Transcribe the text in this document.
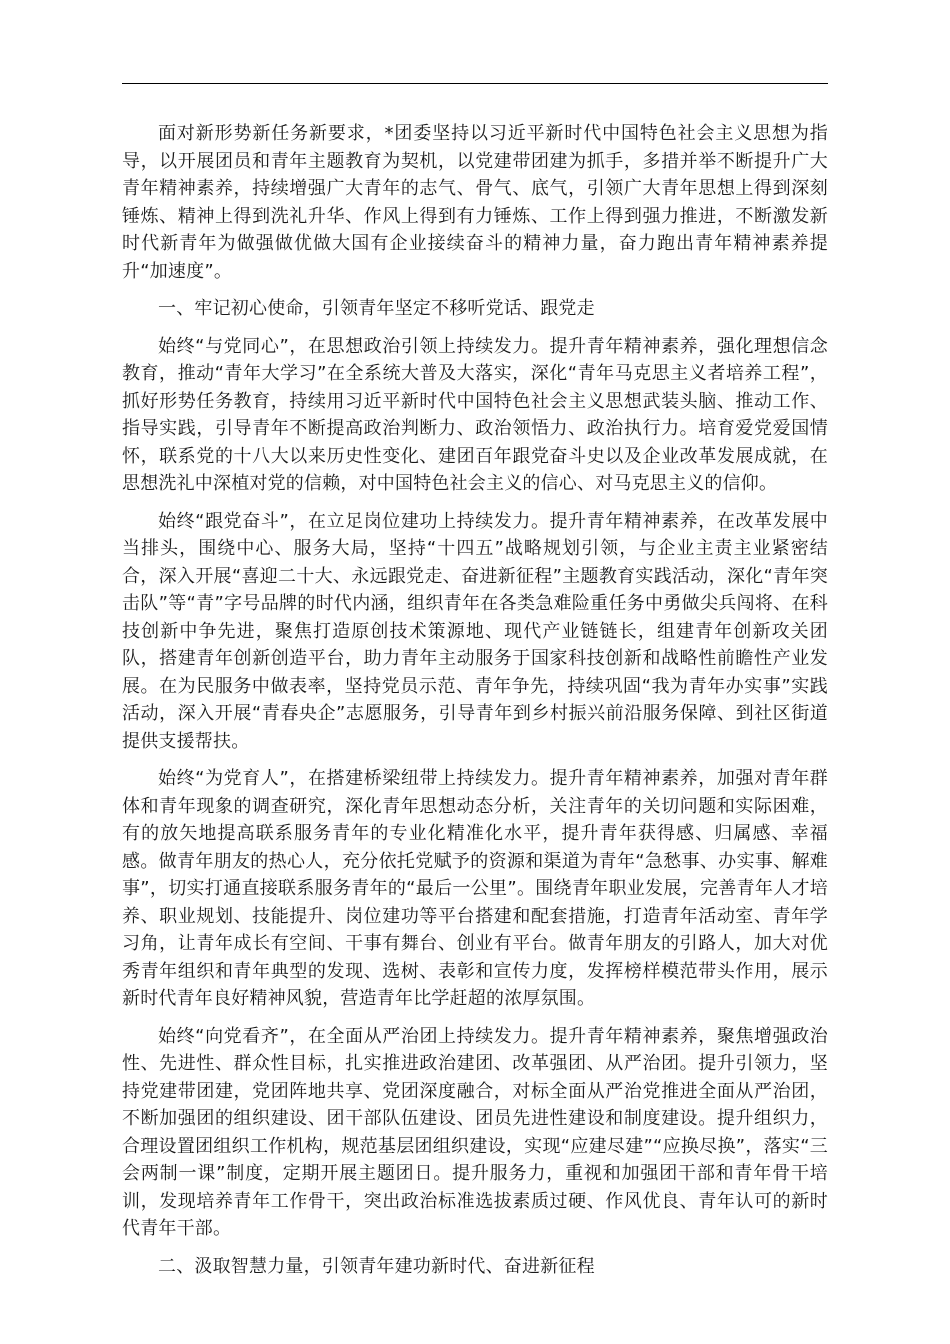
面对新形势新任务新要求，*团委坚持以习近平新时代中国特色社会主义思想为指导，以开展团员和青年主题教育为契机，以党建带团建为抓手，多措并举不断提升广大青年精神素养，持续增强广大青年的志气、骨气、底气，引领广大青年思想上得到深刻锤炼、精神上得到洗礼升华、作风上得到有力锤炼、工作上得到强力推进，不断激发新时代新青年为做强做优做大国有企业接续奋斗的精神力量，奋力跑出青年精神素养提升“加速度”。

一、牢记初心使命，引领青年坚定不移听党话、跟党走

始终“与党同心”，在思想政治引领上持续发力。提升青年精神素养，强化理想信念教育，推动“青年大学习”在全系统大普及大落实，深化“青年马克思主义者培养工程”，抓好形势任务教育，持续用习近平新时代中国特色社会主义思想武装头脑、推动工作、指导实践，引导青年不断提高政治判断力、政治领悟力、政治执行力。培育爱党爱国情怀，联系党的十八大以来历史性变化、建团百年跟党奋斗史以及企业改革发展成就，在思想洗礼中深植对党的信赖，对中国特色社会主义的信心、对马克思主义的信仰。

始终“跟党奋斗”，在立足岗位建功上持续发力。提升青年精神素养，在改革发展中当排头，围绕中心、服务大局，坚持“十四五”战略规划引领，与企业主责主业紧密结合，深入开展“喜迎二十大、永远跟党走、奋进新征程”主题教育实践活动，深化“青年突击队”等“青”字号品牌的时代内涵，组织青年在各类急难险重任务中勇做尖兵闯将、在科技创新中争先进，聚焦打造原创技术策源地、现代产业链链长，组建青年创新攻关团队，搭建青年创新创造平台，助力青年主动服务于国家科技创新和战略性前瞻性产业发展。在为民服务中做表率，坚持党员示范、青年争先，持续巩固“我为青年办实事”实践活动，深入开展“青春央企”志愿服务，引导青年到乡村振兴前沿服务保障、到社区街道提供支援帮扶。

始终“为党育人”，在搭建桥梁纽带上持续发力。提升青年精神素养，加强对青年群体和青年现象的调查研究，深化青年思想动态分析，关注青年的关切问题和实际困难，有的放矢地提高联系服务青年的专业化精准化水平，提升青年获得感、归属感、幸福感。做青年朋友的热心人，充分依托党赋予的资源和渠道为青年“急愁事、办实事、解难事”，切实打通直接联系服务青年的“最后一公里”。围绕青年职业发展，完善青年人才培养、职业规划、技能提升、岗位建功等平台搭建和配套措施，打造青年活动室、青年学习角，让青年成长有空间、干事有舞台、创业有平台。做青年朋友的引路人，加大对优秀青年组织和青年典型的发现、选树、表彰和宣传力度，发挥榜样模范带头作用，展示新时代青年良好精神风貌，营造青年比学赶超的浓厚氛围。

始终“向党看齐”，在全面从严治团上持续发力。提升青年精神素养，聚焦增强政治性、先进性、群众性目标，扎实推进政治建团、改革强团、从严治团。提升引领力，坚持党建带团建，党团阵地共享、党团深度融合，对标全面从严治党推进全面从严治团，不断加强团的组织建设、团干部队伍建设、团员先进性建设和制度建设。提升组织力，合理设置团组织工作机构，规范基层团组织建设，实现“应建尽建”“应换尽换”，落实“三会两制一课”制度，定期开展主题团日。提升服务力，重视和加强团干部和青年骨干培训，发现培养青年工作骨干，突出政治标准选拔素质过硬、作风优良、青年认可的新时代青年干部。

二、汲取智慧力量，引领青年建功新时代、奋进新征程
